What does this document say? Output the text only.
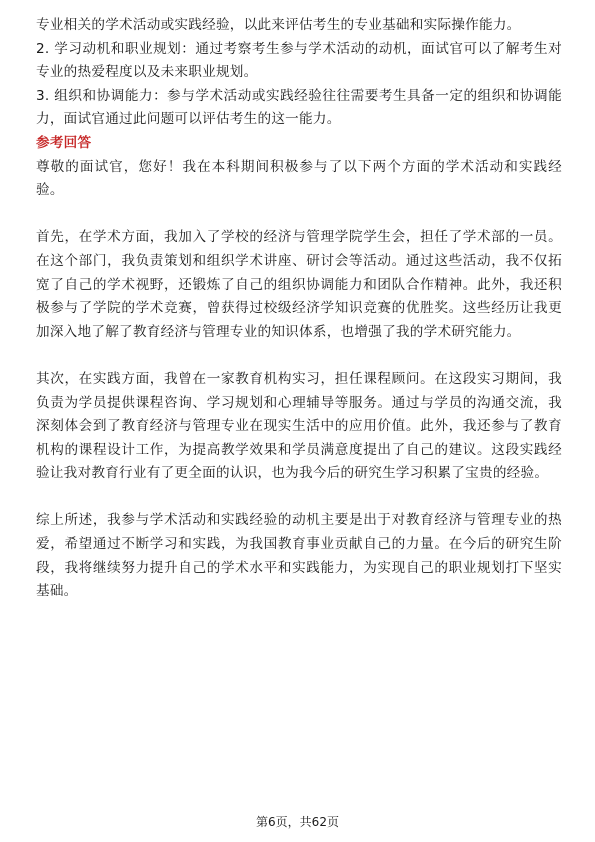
专业相关的学术活动或实践经验，以此来评估考生的专业基础和实际操作能力。

2. 学习动机和职业规划：通过考察考生参与学术活动的动机，面试官可以了解考生对专业的热爱程度以及未来职业规划。

3. 组织和协调能力：参与学术活动或实践经验往往需要考生具备一定的组织和协调能力，面试官通过此问题可以评估考生的这一能力。

参考回答

尊敬的面试官，您好！我在本科期间积极参与了以下两个方面的学术活动和实践经验。

首先，在学术方面，我加入了学校的经济与管理学院学生会，担任了学术部的一员。在这个部门，我负责策划和组织学术讲座、研讨会等活动。通过这些活动，我不仅拓宽了自己的学术视野，还锻炼了自己的组织协调能力和团队合作精神。此外，我还积极参与了学院的学术竞赛，曾获得过校级经济学知识竞赛的优胜奖。这些经历让我更加深入地了解了教育经济与管理专业的知识体系，也增强了我的学术研究能力。

其次，在实践方面，我曾在一家教育机构实习，担任课程顾问。在这段实习期间，我负责为学员提供课程咨询、学习规划和心理辅导等服务。通过与学员的沟通交流，我深刻体会到了教育经济与管理专业在现实生活中的应用价值。此外，我还参与了教育机构的课程设计工作，为提高教学效果和学员满意度提出了自己的建议。这段实践经验让我对教育行业有了更全面的认识，也为我今后的研究生学习积累了宝贵的经验。

综上所述，我参与学术活动和实践经验的动机主要是出于对教育经济与管理专业的热爱，希望通过不断学习和实践，为我国教育事业贡献自己的力量。在今后的研究生阶段，我将继续努力提升自己的学术水平和实践能力，为实现自己的职业规划打下坚实基础。

第6页，共62页
